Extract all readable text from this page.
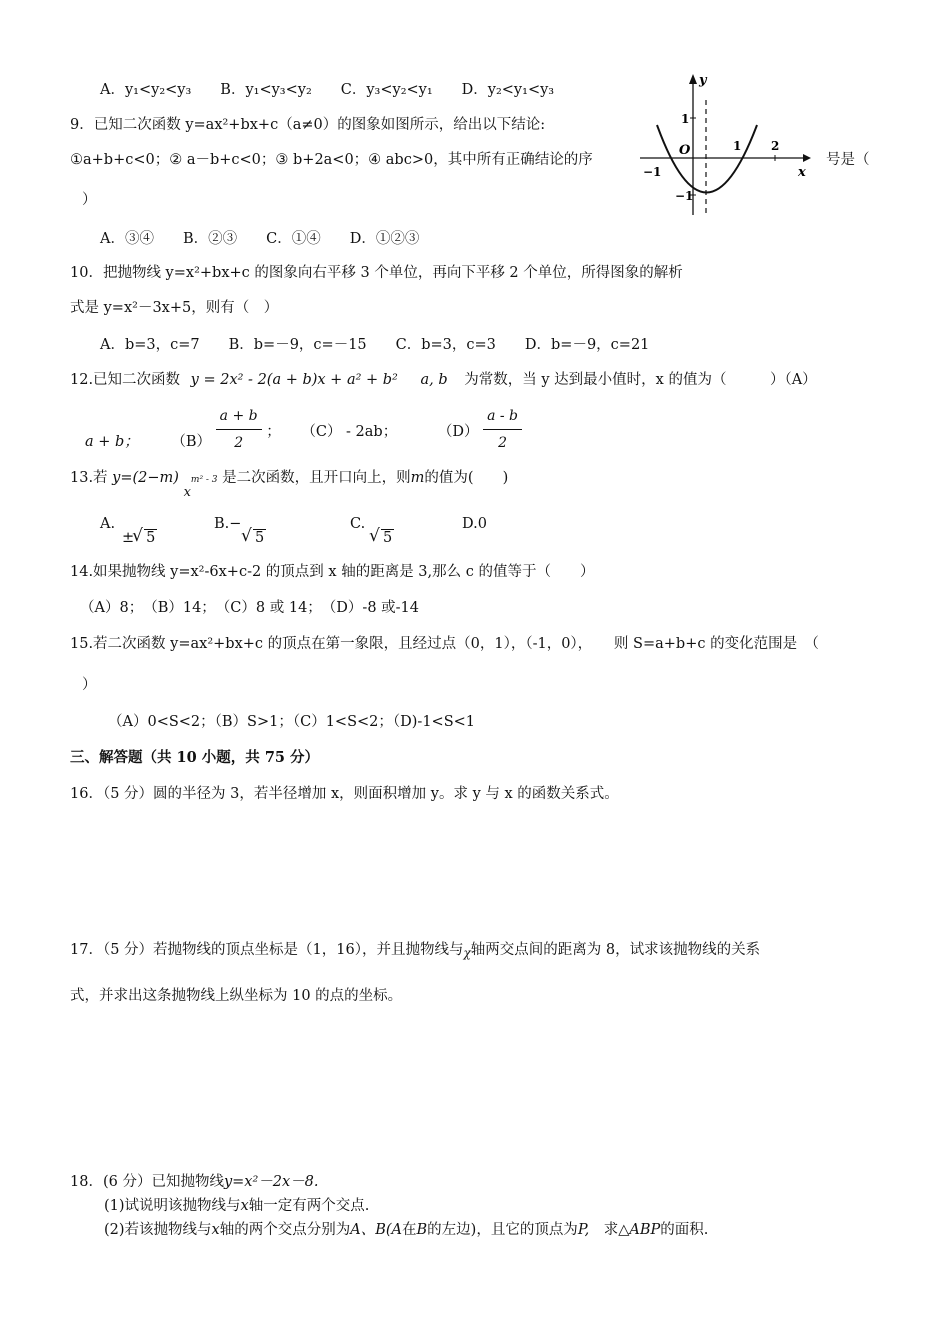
A．y₁<y₂<y₃　　B．y₁<y₃<y₂　　C．y₃<y₂<y₁　　D．y₂<y₁<y₃
9．已知二次函数 y=ax²+bx+c（a≠0）的图象如图所示，给出以下结论:
①a+b+c<0；② a－b+c<0；③ b+2a<0；④ abc>0，其中所有正确结论的序	号是（
）
A．③④　　B．②③　　C．①④　　D．①②③
y
x
O	1 2
−1
1
−1
10．把抛物线 y=x²+bx+c 的图象向右平移 3 个单位，再向下平移 2 个单位，所得图象的解析
式是 y=x²－3x+5，则有（　）
A．b=3，c=7　　B．b=－9，c=－15　　C．b=3，c=3　　D．b=－9，c=21
12.已知二次函数 y = 2x² - 2(a + b)x + a² + b² a, b 为常数，当 y 达到最小值时，x 的值为（　　　）（A）
a + b； $(B) \frac{a + b}{2}$ ； （C） - 2ab；	$(D) \frac{a - b}{2}$
13.若 y=(2−m) $x^{m^2 - 3}$ 是二次函数，且开口向上，则m的值为(　　)
A.
±√ 5
B.−
√ 5
C.
√ 5
D.0
14.如果抛物线 y=x²-6x+c-2 的顶点到 x 轴的距离是 3,那么 c 的值等于（　　）
（A）8；　（B）14；　（C）8 或 14；　（D）-8 或-14
15.若二次函数 y=ax²+bx+c 的顶点在第一象限，且经过点（0，1），（-1，0），　　则 S=a+b+c 的变化范围是　（
）
（A）0<S<2；（B）S>1；（C）1<S<2；（D)-1<S<1
三、解答题（共 10 小题，共 75 分）
16．（5 分）圆的半径为 3，若半径增加 x，则面积增加 y。求 y 与 x 的函数关系式。
17．（5 分）若抛物线的顶点坐标是（1，16），并且抛物线与$_\chi$轴两交点间的距离为 8，试求该抛物线的关系
式，并求出这条抛物线上纵坐标为 10 的点的坐标。
18．(6 分）已知抛物线y=x²－2x－8.
(1)试说明该抛物线与x轴一定有两个交点.
(2)若该抛物线与x轴的两个交点分别为A、B(A在B的左边)，且它的顶点为P,　求△ABP的面积.
